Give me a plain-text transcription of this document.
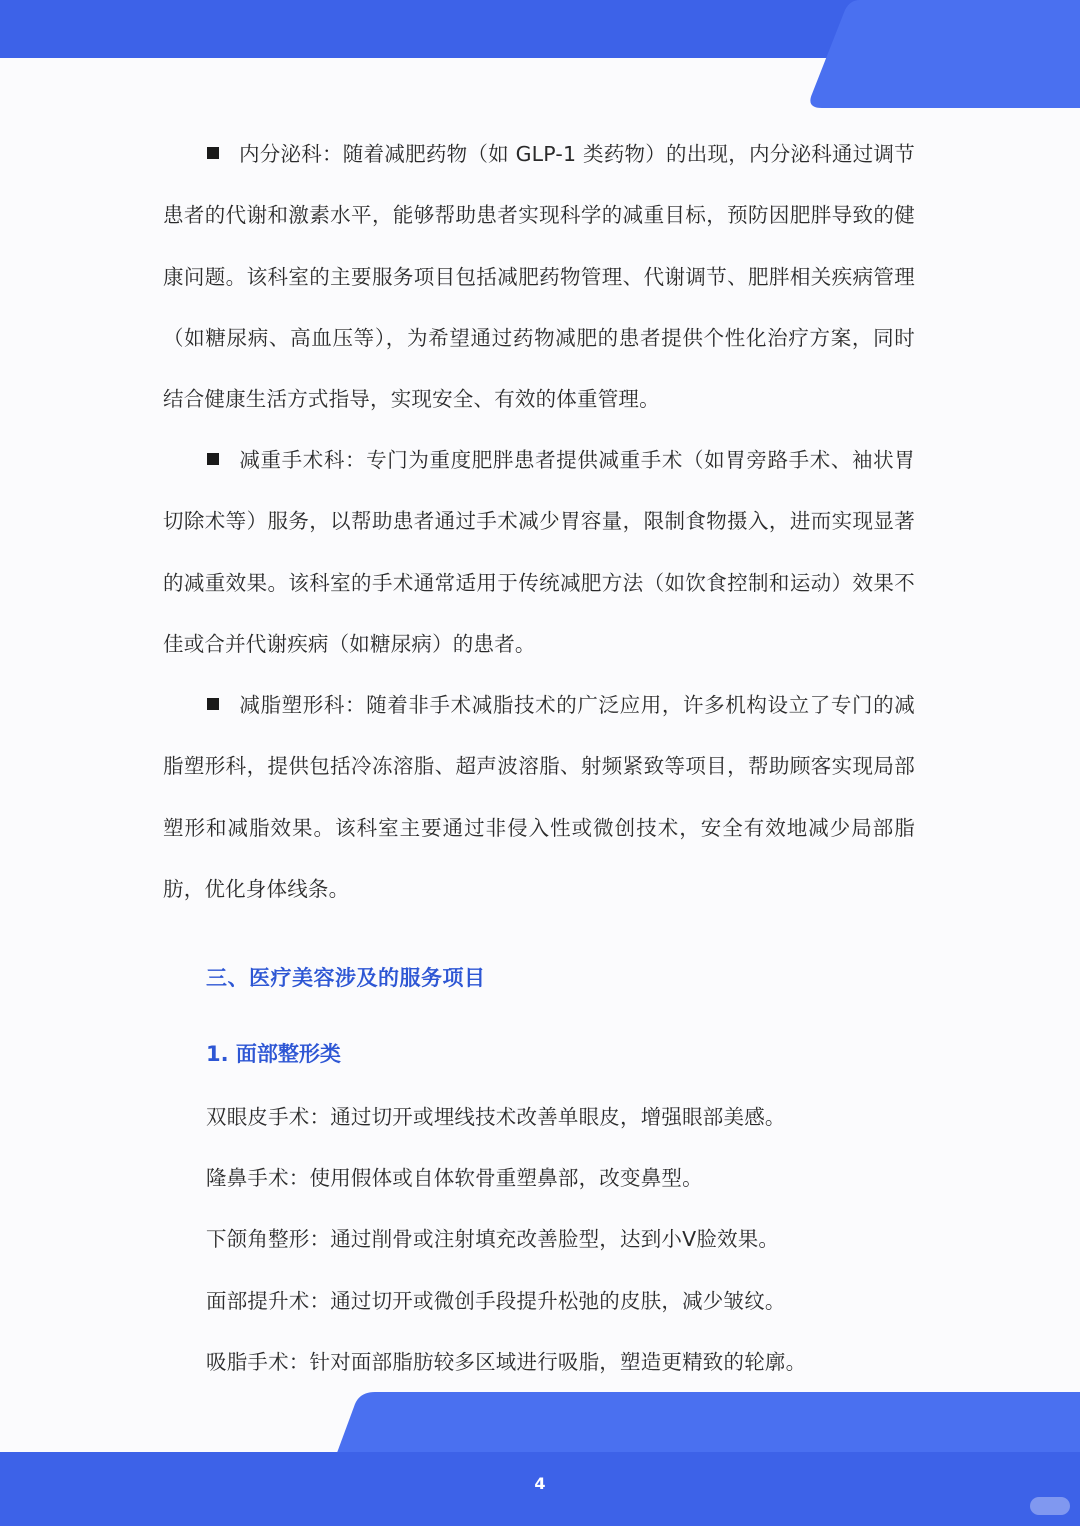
内分泌科：随着减肥药物（如 GLP-1 类药物）的出现，内分泌科通过调节患者的代谢和激素水平，能够帮助患者实现科学的减重目标，预防因肥胖导致的健康问题。该科室的主要服务项目包括减肥药物管理、代谢调节、肥胖相关疾病管理（如糖尿病、高血压等），为希望通过药物减肥的患者提供个性化治疗方案，同时结合健康生活方式指导，实现安全、有效的体重管理。
减重手术科：专门为重度肥胖患者提供减重手术（如胃旁路手术、袖状胃切除术等）服务，以帮助患者通过手术减少胃容量，限制食物摄入，进而实现显著的减重效果。该科室的手术通常适用于传统减肥方法（如饮食控制和运动）效果不佳或合并代谢疾病（如糖尿病）的患者。
减脂塑形科：随着非手术减脂技术的广泛应用，许多机构设立了专门的减脂塑形科，提供包括冷冻溶脂、超声波溶脂、射频紧致等项目，帮助顾客实现局部塑形和减脂效果。该科室主要通过非侵入性或微创技术，安全有效地减少局部脂肪，优化身体线条。
三、医疗美容涉及的服务项目
1. 面部整形类
双眼皮手术：通过切开或埋线技术改善单眼皮，增强眼部美感。
隆鼻手术：使用假体或自体软骨重塑鼻部，改变鼻型。
下颌角整形：通过削骨或注射填充改善脸型，达到小V脸效果。
面部提升术：通过切开或微创手段提升松弛的皮肤，减少皱纹。
吸脂手术：针对面部脂肪较多区域进行吸脂，塑造更精致的轮廓。
4
